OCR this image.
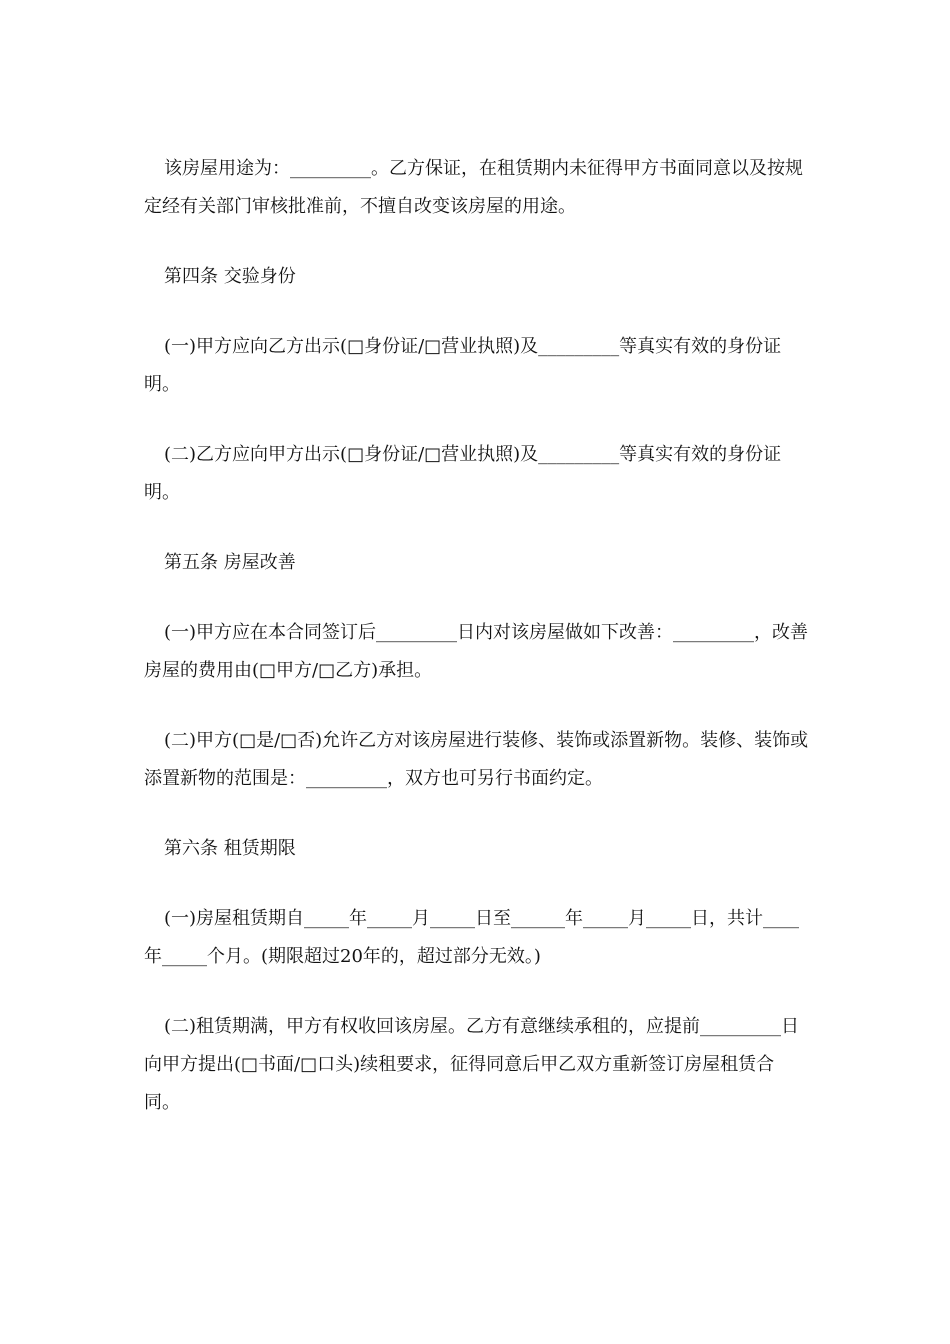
该房屋用途为：_________。乙方保证，在租赁期内未征得甲方书面同意以及按规定经有关部门审核批准前，不擅自改变该房屋的用途。

第四条 交验身份

(一)甲方应向乙方出示(□身份证/□营业执照)及_________等真实有效的身份证明。

(二)乙方应向甲方出示(□身份证/□营业执照)及_________等真实有效的身份证明。

第五条 房屋改善

(一)甲方应在本合同签订后_________日内对该房屋做如下改善：_________，改善房屋的费用由(□甲方/□乙方)承担。

(二)甲方(□是/□否)允许乙方对该房屋进行装修、装饰或添置新物。装修、装饰或添置新物的范围是：_________，双方也可另行书面约定。

第六条 租赁期限

(一)房屋租赁期自_____年_____月_____日至______年_____月_____日，共计____年_____个月。(期限超过20年的，超过部分无效。)

(二)租赁期满，甲方有权收回该房屋。乙方有意继续承租的，应提前_________日向甲方提出(□书面/□口头)续租要求，征得同意后甲乙双方重新签订房屋租赁合同。
